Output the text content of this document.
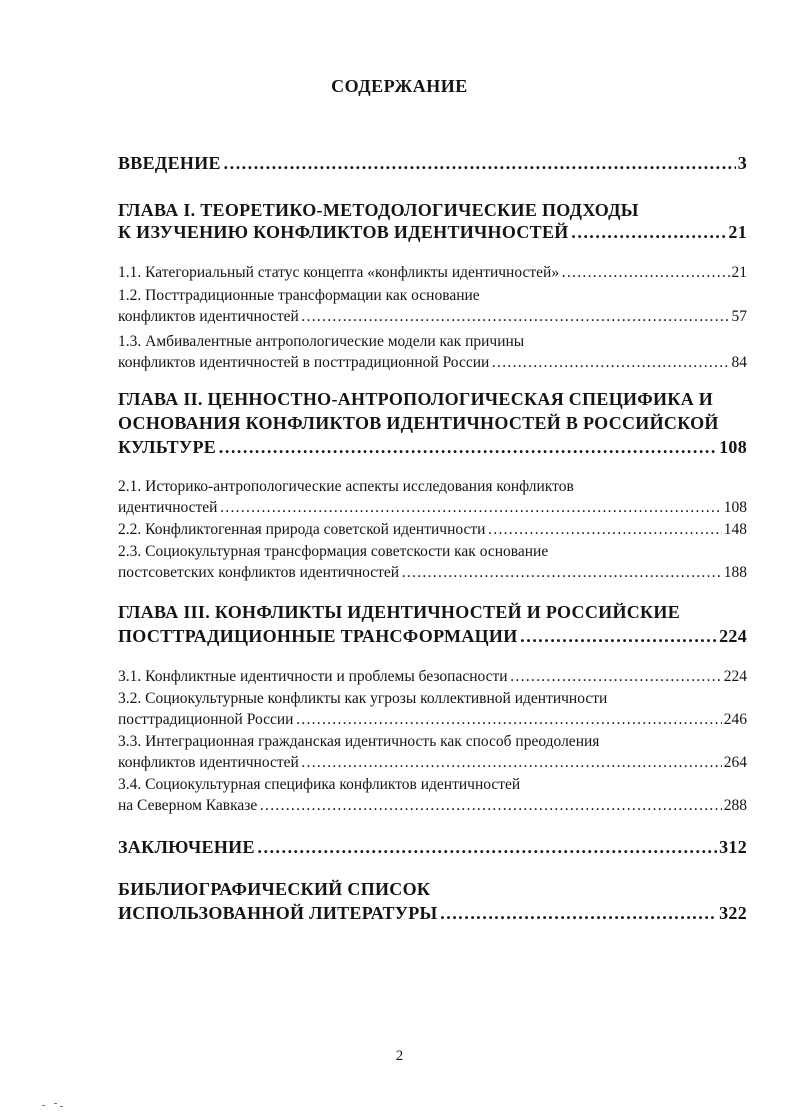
СОДЕРЖАНИЕ
ВВЕДЕНИЕ ……………………………………………………………………………………………………………………………………………………	3
ГЛАВА I. ТЕОРЕТИКО-МЕТОДОЛОГИЧЕСКИЕ ПОДХОДЫ
К ИЗУЧЕНИЮ КОНФЛИКТОВ ИДЕНТИЧНОСТЕЙ ……………………………………………………………………………………………………………………………………………………	21
1.1. Категориальный статус концепта «конфликты идентичностей» ……………………………………………………………………………………………………………………………………………………	21
1.2. Посттрадиционные трансформации как основание
конфликтов идентичностей ……………………………………………………………………………………………………………………………………………………	57
1.3. Амбивалентные антропологические модели как причины
конфликтов идентичностей в посттрадиционной России ……………………………………………………………………………………………………………………………………………………	84
ГЛАВА II. ЦЕННОСТНО-АНТРОПОЛОГИЧЕСКАЯ СПЕЦИФИКА И
ОСНОВАНИЯ КОНФЛИКТОВ ИДЕНТИЧНОСТЕЙ В РОССИЙСКОЙ
КУЛЬТУРЕ ……………………………………………………………………………………………………………………………………………………	108
2.1. Историко-антропологические аспекты исследования конфликтов
идентичностей ……………………………………………………………………………………………………………………………………………………	108
2.2. Конфликтогенная природа советской идентичности ……………………………………………………………………………………………………………………………………………………	148
2.3. Социокультурная трансформация советскости как основание
постсоветских конфликтов идентичностей ……………………………………………………………………………………………………………………………………………………	188
ГЛАВА III. КОНФЛИКТЫ ИДЕНТИЧНОСТЕЙ И РОССИЙСКИЕ
ПОСТТРАДИЦИОННЫЕ ТРАНСФОРМАЦИИ ……………………………………………………………………………………………………………………………………………………	224
3.1. Конфликтные идентичности и проблемы безопасности ……………………………………………………………………………………………………………………………………………………	224
3.2. Социокультурные конфликты как угрозы коллективной идентичности
посттрадиционной России ……………………………………………………………………………………………………………………………………………………	246
3.3. Интеграционная гражданская идентичность как способ преодоления
конфликтов идентичностей ……………………………………………………………………………………………………………………………………………………	264
3.4. Социокультурная специфика конфликтов идентичностей
на Северном Кавказе ……………………………………………………………………………………………………………………………………………………	288
ЗАКЛЮЧЕНИЕ ……………………………………………………………………………………………………………………………………………………	312
БИБЛИОГРАФИЧЕСКИЙ СПИСОК
ИСПОЛЬЗОВАННОЙ ЛИТЕРАТУРЫ ……………………………………………………………………………………………………………………………………………………	322
2
